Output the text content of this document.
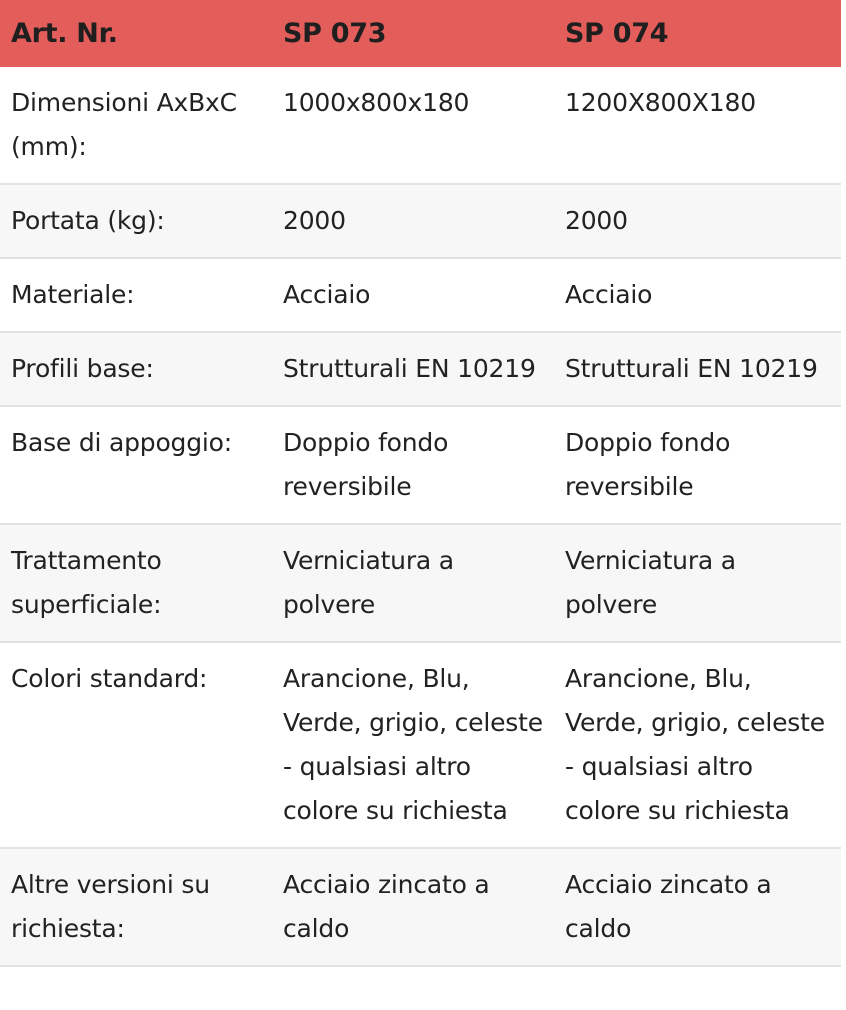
Art. Nr.	SP 073	SP 074
Dimensioni AxBxC (mm):	1000x800x180	1200X800X180
Portata (kg):	2000	2000
Materiale:	Acciaio	Acciaio
Profili base:	Strutturali EN 10219	Strutturali EN 10219
Base di appoggio:	Doppio fondo reversibile	Doppio fondo reversibile
Trattamento superficiale:	Verniciatura a polvere	Verniciatura a polvere
Colori standard:	Arancione, Blu, Verde, grigio, celeste - qualsiasi altro colore su richiesta	Arancione, Blu, Verde, grigio, celeste - qualsiasi altro colore su richiesta
Altre versioni su richiesta:	Acciaio zincato a caldo	Acciaio zincato a caldo
